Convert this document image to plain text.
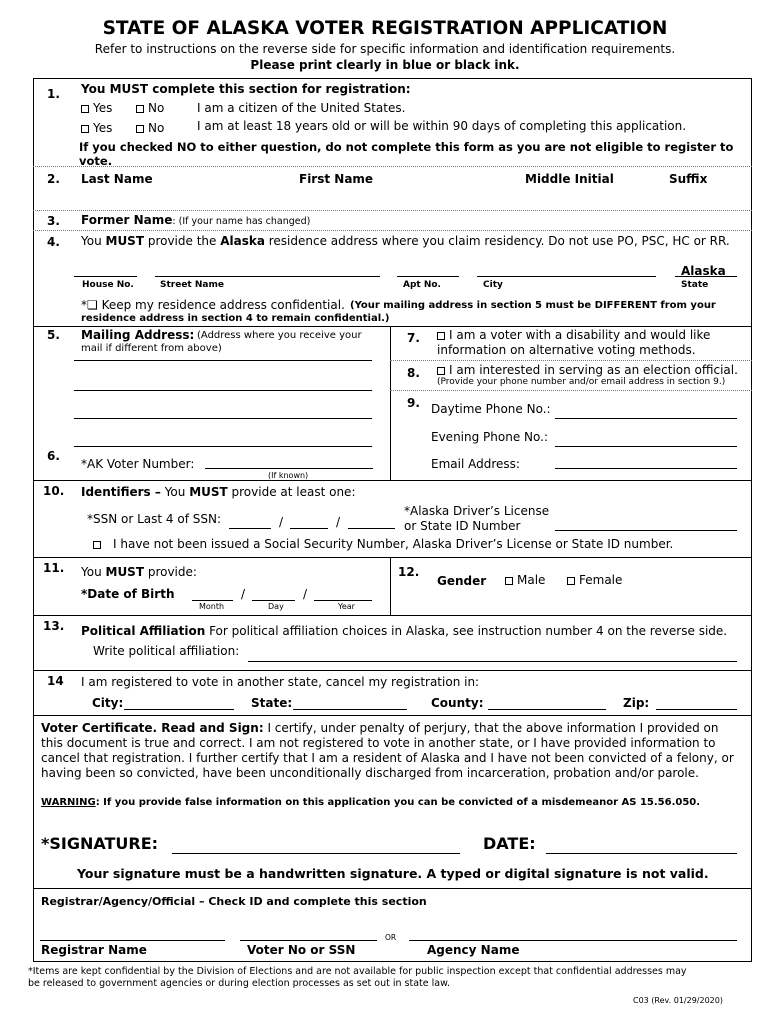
STATE OF ALASKA VOTER REGISTRATION APPLICATION
Refer to instructions on the reverse side for specific information and identification requirements.
Please print clearly in blue or black ink.
1. You MUST complete this section for registration:
Yes	No	I am a citizen of the United States.
Yes	No	I am at least 18 years old or will be within 90 days of completing this application.
If you checked NO to either question, do not complete this form as you are not eligible to register to
vote.
2. Last Name	First Name	Middle Initial	Suffix
3. Former Name: (If your name has changed)
4. You MUST provide the Alaska residence address where you claim residency. Do not use PO, PSC, HC or RR.
Alaska
House No.	Street Name	Apt No.	City	State
*❏ Keep my residence address confidential. (Your mailing address in section 5 must be DIFFERENT from your
residence address in section 4 to remain confidential.)
5. Mailing Address: (Address where you receive your
mail if different from above)
6.
*AK Voter Number:
(If known)
7.	I am a voter with a disability and would like
information on alternative voting methods.
8.	I am interested in serving as an election official.
(Provide your phone number and/or email address in section 9.)
9. Daytime Phone No.:
Evening Phone No.:
Email Address:
10. Identifiers – You MUST provide at least one:
*SSN or Last 4 of SSN:	/	/
*Alaska Driver’s License
or State ID Number
I have not been issued a Social Security Number, Alaska Driver’s License or State ID number.
11. You MUST provide:
*Date of Birth	/	/
Month	Day	Year
12.
Gender	Male	Female
13. Political Affiliation For political affiliation choices in Alaska, see instruction number 4 on the reverse side.
Write political affiliation:
14 I am registered to vote in another state, cancel my registration in:
City:	State:	County:	Zip:
Voter Certificate. Read and Sign: I certify, under penalty of perjury, that the above information I provided on
this document is true and correct. I am not registered to vote in another state, or I have provided information to
cancel that registration. I further certify that I am a resident of Alaska and I have not been convicted of a felony, or
having been so convicted, have been unconditionally discharged from incarceration, probation and/or parole.
WARNING: If you provide false information on this application you can be convicted of a misdemeanor AS 15.56.050.
*SIGNATURE:	DATE:
Your signature must be a handwritten signature. A typed or digital signature is not valid.
Registrar/Agency/Official – Check ID and complete this section
OR
Registrar Name	Voter No or SSN	Agency Name
*Items are kept confidential by the Division of Elections and are not available for public inspection except that confidential addresses may
be released to government agencies or during election processes as set out in state law.
C03 (Rev. 01/29/2020)
